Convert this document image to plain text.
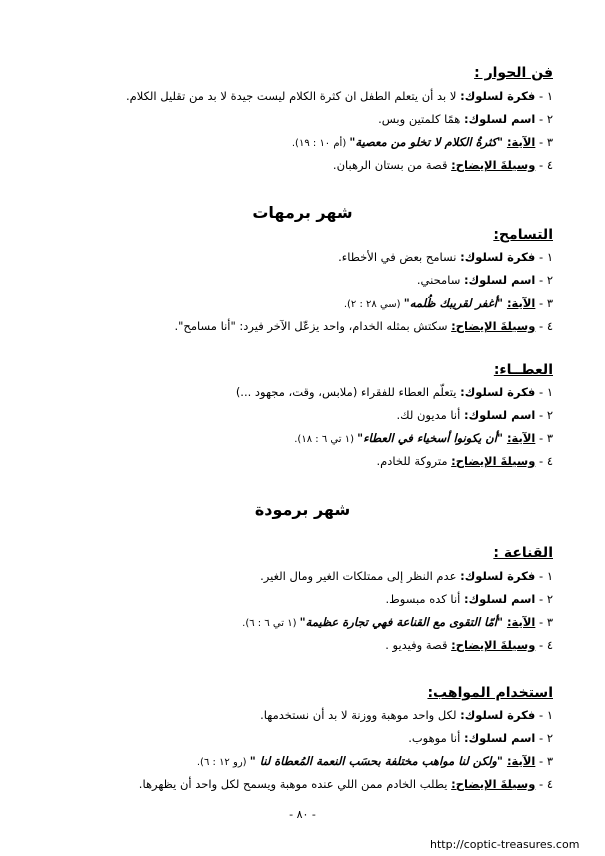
فن الحوار :
١ - فكرة لسلوك: لا بد أن يتعلم الطفل ان كثرة الكلام ليست جيدة لا بد من تقليل الكلام.
٢ - اسم لسلوك: همًا كلمتين وبس.
٣ - الآية: "كثرةُ الكلام لا تخلو من معصية" (أم ١٠ : ١٩).
٤ - وسيلةَ الإيضاح: قصة من بستان الرهبان.
شهر برمهات
التسامح:
١ - فكرة لسلوك: نسامح بعض في الأخطاء.
٢ - اسم لسلوك: سامحني.
٣ - الآية: "أغفر لقريبك ظُلمه" (سي ٢٨ : ٢).
٤ - وسيلةَ الإيضاح: سكتش بمثله الخدام، واحد يزعّل الآخر فيرد: "أنا مسامح".
العطــاء:
١ - فكرة لسلوك: يتعلّم العطاء للفقراء (ملابس، وقت، مجهود ...)
٢ - اسم لسلوك: أنا مديون لك.
٣ - الآية: "أن يكونوا أسخياء في العطاء" (١ تي ٦ : ١٨).
٤ - وسيلةَ الإيضاح: متروكة للخادم.
شهر برمودة
القناعة :
١ - فكرة لسلوك: عدم النظر إلى ممتلكات الغير ومال الغير.
٢ - اسم لسلوك: أنا كده مبسوط.
٣ - الآية: "أمّا التقوى مع القناعة فهي تجارة عظيمة" (١ تي ٦ : ٦).
٤ - وسيلةَ الإيضاح: قصة وفيديو .
استخدام المواهب:
١ - فكرة لسلوك: لكل واحد موهبة ووزنة لا بد أن نستخدمها.
٢ - اسم لسلوك: أنا موهوب.
٣ - الآية: "ولكن لنا مواهب مختلفة بحسَب النعمة المُعطاة لنا " (رو ١٢ : ٦).
٤ - وسيلةَ الإيضاح: يطلب الخادم ممن اللي عنده موهبة ويسمح لكل واحد أن يظهرها.
- ٨٠ -
http://coptic-treasures.com
